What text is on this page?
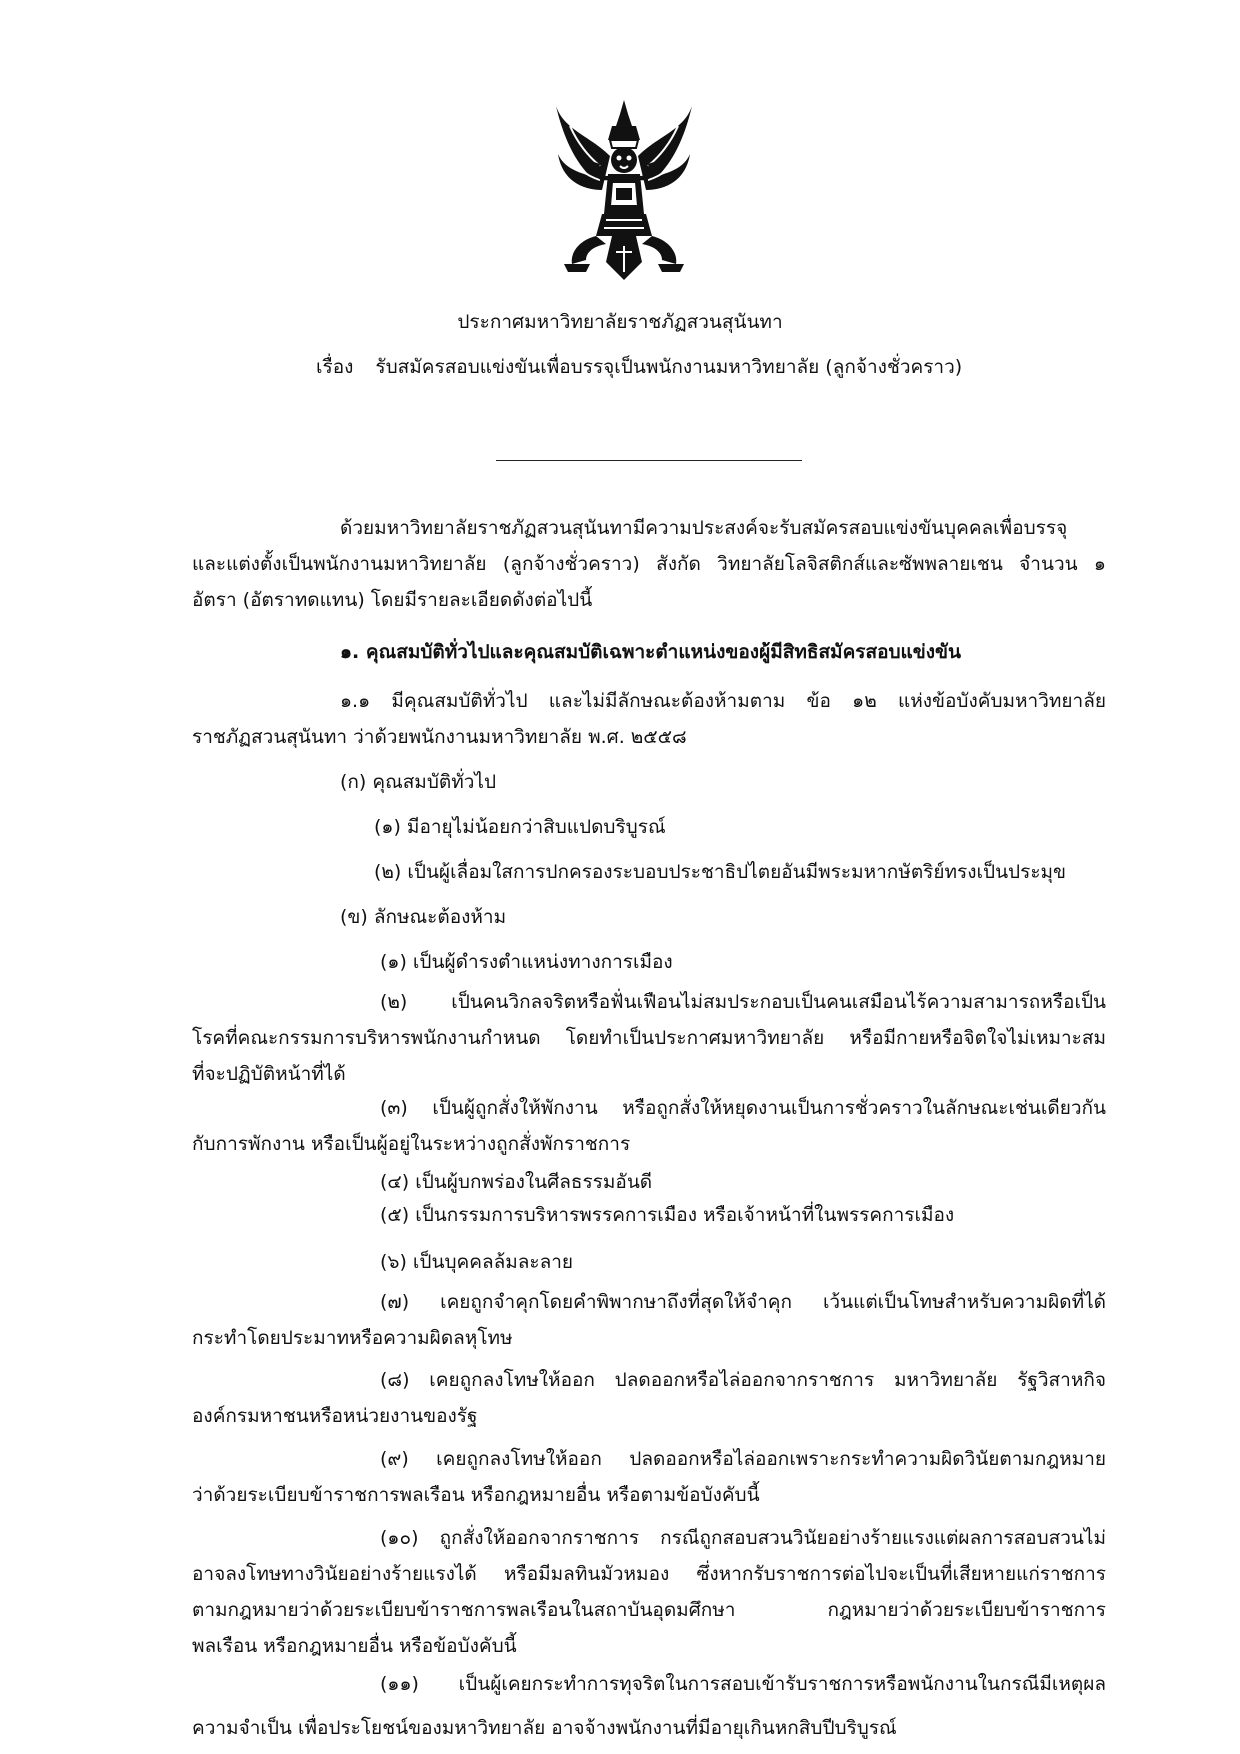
ประกาศมหาวิทยาลัยราชภัฏสวนสุนันทา
เรื่อง รับสมัครสอบแข่งขันเพื่อบรรจุเป็นพนักงานมหาวิทยาลัย (ลูกจ้างชั่วคราว)
ด้วยมหาวิทยาลัยราชภัฏสวนสุนันทามีความประสงค์จะรับสมัครสอบแข่งขันบุคคลเพื่อบรรจุ
และแต่งตั้งเป็นพนักงานมหาวิทยาลัย (ลูกจ้างชั่วคราว) สังกัด วิทยาลัยโลจิสติกส์และซัพพลายเชน จำนวน ๑
อัตรา (อัตราทดแทน) โดยมีรายละเอียดดังต่อไปนี้
๑. คุณสมบัติทั่วไปและคุณสมบัติเฉพาะตำแหน่งของผู้มีสิทธิสมัครสอบแข่งขัน
๑.๑ มีคุณสมบัติทั่วไป และไม่มีลักษณะต้องห้ามตาม ข้อ ๑๒ แห่งข้อบังคับมหาวิทยาลัย
ราชภัฏสวนสุนันทา ว่าด้วยพนักงานมหาวิทยาลัย พ.ศ. ๒๕๕๘
(ก) คุณสมบัติทั่วไป
(๑) มีอายุไม่น้อยกว่าสิบแปดบริบูรณ์
(๒) เป็นผู้เลื่อมใสการปกครองระบอบประชาธิปไตยอันมีพระมหากษัตริย์ทรงเป็นประมุข
(ข) ลักษณะต้องห้าม
(๑) เป็นผู้ดำรงตำแหน่งทางการเมือง
(๒) เป็นคนวิกลจริตหรือฟั่นเฟือนไม่สมประกอบเป็นคนเสมือนไร้ความสามารถหรือเป็น
โรคที่คณะกรรมการบริหารพนักงานกำหนด โดยทำเป็นประกาศมหาวิทยาลัย หรือมีกายหรือจิตใจไม่เหมาะสม
ที่จะปฏิบัติหน้าที่ได้
(๓) เป็นผู้ถูกสั่งให้พักงาน หรือถูกสั่งให้หยุดงานเป็นการชั่วคราวในลักษณะเช่นเดียวกัน
กับการพักงาน หรือเป็นผู้อยู่ในระหว่างถูกสั่งพักราชการ
(๔) เป็นผู้บกพร่องในศีลธรรมอันดี
(๕) เป็นกรรมการบริหารพรรคการเมือง หรือเจ้าหน้าที่ในพรรคการเมือง
(๖) เป็นบุคคลล้มละลาย
(๗) เคยถูกจำคุกโดยคำพิพากษาถึงที่สุดให้จำคุก เว้นแต่เป็นโทษสำหรับความผิดที่ได้
กระทำโดยประมาทหรือความผิดลหุโทษ
(๘) เคยถูกลงโทษให้ออก ปลดออกหรือไล่ออกจากราชการ มหาวิทยาลัย รัฐวิสาหกิจ
องค์กรมหาชนหรือหน่วยงานของรัฐ
(๙) เคยถูกลงโทษให้ออก ปลดออกหรือไล่ออกเพราะกระทำความผิดวินัยตามกฎหมาย
ว่าด้วยระเบียบข้าราชการพลเรือน หรือกฎหมายอื่น หรือตามข้อบังคับนี้
(๑๐) ถูกสั่งให้ออกจากราชการ กรณีถูกสอบสวนวินัยอย่างร้ายแรงแต่ผลการสอบสวนไม่
อาจลงโทษทางวินัยอย่างร้ายแรงได้ หรือมีมลทินมัวหมอง ซึ่งหากรับราชการต่อไปจะเป็นที่เสียหายแก่ราชการ
ตามกฎหมายว่าด้วยระเบียบข้าราชการพลเรือนในสถาบันอุดมศึกษา กฎหมายว่าด้วยระเบียบข้าราชการ
พลเรือน หรือกฎหมายอื่น หรือข้อบังคับนี้
(๑๑) เป็นผู้เคยกระทำการทุจริตในการสอบเข้ารับราชการหรือพนักงานในกรณีมีเหตุผล
ความจำเป็น เพื่อประโยชน์ของมหาวิทยาลัย อาจจ้างพนักงานที่มีอายุเกินหกสิบปีบริบูรณ์
